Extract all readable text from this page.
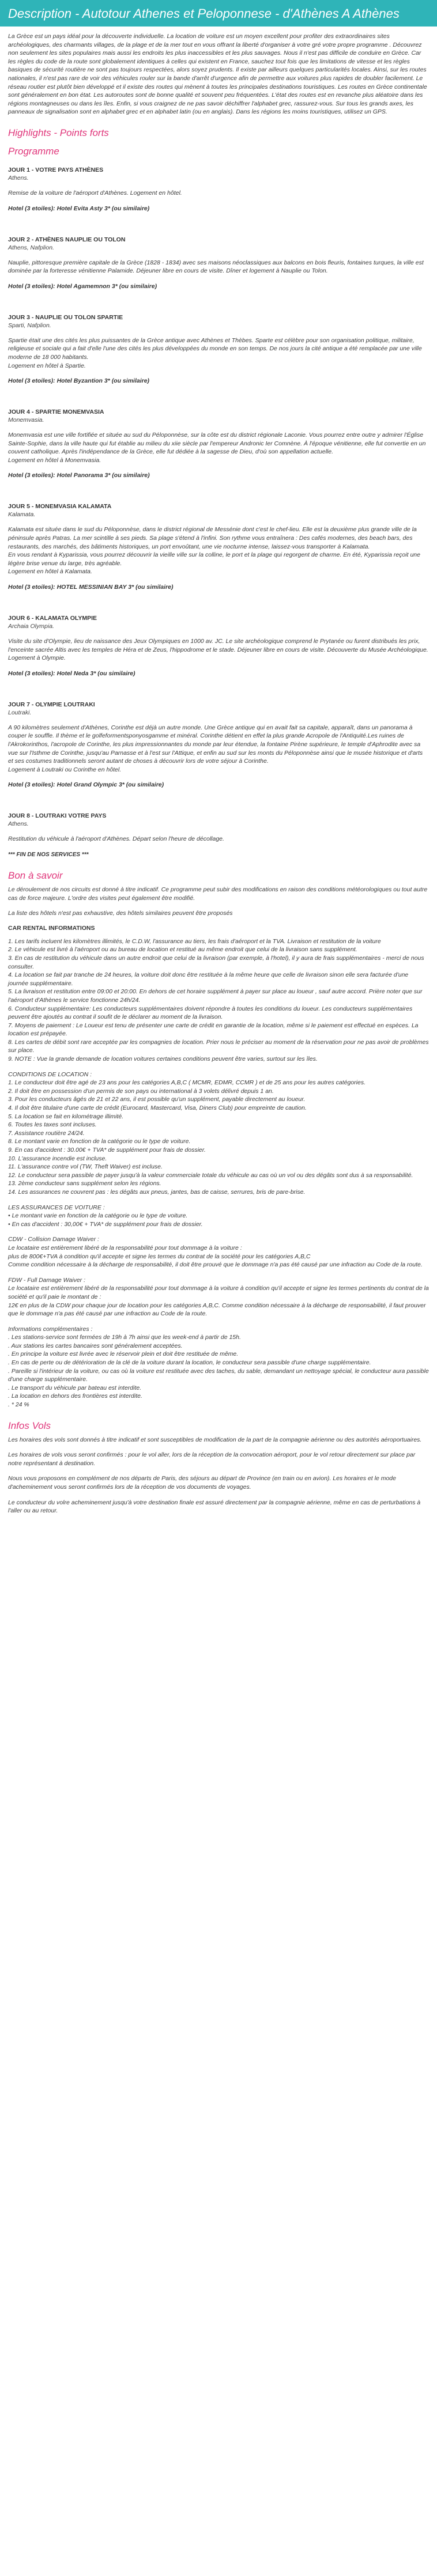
Description - Autotour Athenes et Peloponnese - d'Athènes A Athènes

La Grèce est un pays idéal pour la découverte individuelle. La location de voiture est un moyen excellent pour profiter des extraordinaires sites archéologiques, des charmants villages, de la plage et de la mer tout en vous offrant la liberté d'organiser à votre gré votre propre programme . Découvrez non seulement les sites populaires mais aussi les endroits les plus inaccessibles et les plus sauvages. Nous il n'est pas difficile de conduire en Grèce. Car les règles du code de la route sont globalement identiques à celles qui existent en France, sauchez tout fois que les limitations de vitesse et les règles basiques de sécurité routière ne sont pas toujours respectées, alors soyez prudents. Il existe par ailleurs quelques particularités locales. Ainsi, sur les routes nationales, il n'est pas rare de voir des véhicules rouler sur la bande d'arrêt d'urgence afin de permettre aux voitures plus rapides de doubler facilement. Le réseau routier est plutôt bien développé et il existe des routes qui mènent à toutes les principales destinations touristiques. Les routes en Grèce continentale sont généralement en bon état. Les autoroutes sont de bonne qualité et souvent peu fréquentées. L'état des routes est en revanche plus aléatoire dans les régions montagneuses ou dans les îles. Enfin, si vous craignez de ne pas savoir déchiffrer l'alphabet grec, rassurez-vous. Sur tous les grands axes, les panneaux de signalisation sont en alphabet grec et en alphabet latin (ou en anglais). Dans les régions les moins touristiques, utilisez un GPS.

Highlights - Points forts
Programme
JOUR 1 - VOTRE PAYS ATHÈNES
Athens.
Remise de la voiture de l'aéroport d'Athènes. Logement en hôtel.
Hotel (3 etoiles): Hotel Evita Asty 3* (ou similaire)
JOUR 2 - ATHÈNES NAUPLIE OU TOLON
Athens, Nafplion.
Nauplie, pittoresque première capitale de la Grèce (1828 - 1834) avec ses maisons néoclassiques aux balcons en bois fleuris, fontaines turques, la ville est dominée par la forteresse vénitienne Palamide. Déjeuner libre en cours de visite. Dîner et logement à Nauplie ou Tolon.
Hotel (3 etoiles): Hotel Agamemnon 3* (ou similaire)
JOUR 3 - NAUPLIE OU TOLON SPARTIE
Sparti, Nafplion.
Spartie était une des cités les plus puissantes de la Grèce antique avec Athènes et Thèbes. Sparte est célèbre pour son organisation politique, militaire, religieuse et sociale qui a fait d'elle l'une des cités les plus développées du monde en son temps. De nos jours la cité antique a été remplacée par une ville moderne de 18 000 habitants.
Logement en hôtel à Spartie.
Hotel (3 etoiles): Hotel Byzantion 3* (ou similaire)
JOUR 4 - SPARTIE MONEMVASIA
Monemvasia.
Monemvasia est une ville fortifiée et située au sud du Péloponnèse, sur la côte est du district régionale Laconie. Vous pourrez entre outre y admirer l'Église Sainte-Sophie, dans la ville haute qui fut établie au milieu du xiie siècle par l'empereur Andronic Ier Comnène. À l'époque vénitienne, elle fut convertie en un couvent catholique. Après l'indépendance de la Grèce, elle fut dédiée à la sagesse de Dieu, d'où son appellation actuelle.
Logement en hôtel à Monemvasia.
Hotel (3 etoiles): Hotel Panorama 3* (ou similaire)
JOUR 5 - MONEMVASIA KALAMATA
Kalamata.
Kalamata est située dans le sud du Péloponnèse, dans le district régional de Messénie dont c'est le chef-lieu. Elle est la deuxième plus grande ville de la péninsule après Patras. La mer scintille à ses pieds. Sa plage s'étend à l'infini. Son rythme vous entraînera : Des cafés modernes, des beach bars, des restaurants, des marchés, des bâtiments historiques, un port envoûtant, une vie nocturne intense, laissez-vous transporter à Kalamata.
En vous rendant à Kyparissia, vous pourrez découvrir la vieille ville sur la colline, le port et la plage qui regorgent de charme. En été, Kyparissia reçoit une légère brise venue du large, très agréable.
Logement en hôtel à Kalamata.
Hotel (3 etoiles): HOTEL MESSINIAN BAY 3* (ou similaire)
JOUR 6 - KALAMATA OLYMPIE
Archaia Olympia.
Visite du site d'Olympie, lieu de naissance des Jeux Olympiques en 1000 av. JC. Le site archéologique comprend le Prytanée ou furent distribués les prix, l'enceinte sacrée Altis avec les temples de Héra et de Zeus, l'hippodrome et le stade. Déjeuner libre en cours de visite. Découverte du Musée Archéologique.
Logement à Olympie.
Hotel (3 etoiles): Hotel Neda 3* (ou similaire)
JOUR 7 - OLYMPIE LOUTRAKI
Loutraki.
A 90 kilomètres seulement d'Athènes, Corinthe est déjà un autre monde. Une Grèce antique qui en avait fait sa capitale, apparaît, dans un panorama à couper le souffle. Il thème et le golfeformentsponyosgamme et minéral. Corinthe détient en effet la plus grande Acropole de l'Antiquité.Les ruines de l'Akrokorinthos, l'acropole de Corinthe, les plus impressionnantes du monde par leur étendue, la fontaine Pirène supérieure, le temple d'Aphrodite avec sa vue sur l'Isthme de Corinthe, jusqu'au Parnasse et à l'est sur l'Attique, et enfin au sud sur les monts du Péloponnèse ainsi que le musée historique et d'arts et ses costumes traditionnels seront autant de choses à découvrir lors de votre séjour à Corinthe.
Logement à Loutraki ou Corinthe en hôtel.
Hotel (3 etoiles): Hotel Grand Olympic 3* (ou similaire)
JOUR 8 - LOUTRAKI VOTRE PAYS
Athens.
Restitution du véhicule à l'aéroport d'Athènes. Départ selon l'heure de décollage.
*** FIN DE NOS SERVICES ***
Bon à savoir

Le déroulement de nos circuits est donné à titre indicatif. Ce programme peut subir des modifications en raison des conditions météorologiques ou tout autre cas de force majeure. L'ordre des visites peut également être modifié.

La liste des hôtels n'est pas exhaustive, des hôtels similaires peuvent être proposés

CAR RENTAL INFORMATIONS
1. Les tarifs incluent les kilomètres illimités, le C.D.W, l'assurance au tiers, les frais d'aéroport et la TVA. Livraison et restitution de la voiture
2. Le véhicule est livré à l'aéroport ou au bureau de location et restitué au même endroit que celui de la livraison sans supplément.
3. En cas de restitution du véhicule dans un autre endroit que celui de la livraison (par exemple, à l'hotel), il y aura de frais supplémentaires - merci de nous consulter.
4. La location se fait par tranche de 24 heures, la voiture doit donc être restituée à la même heure que celle de livraison sinon elle sera facturée d'une journée supplémentaire.
5. La livraison et restitution entre 09:00 et 20:00. En dehors de cet horaire supplément à payer sur place au loueur , sauf autre accord. Prière noter que sur l'aéroport d'Athènes le service fonctionne 24h/24.
6. Conducteur supplémentaire: Les conducteurs supplémentaires doivent répondre à toutes les conditions du loueur. Les conducteurs supplémentaires peuvent être ajoutés au contrat il soufit de le déclarer au moment de la livraison.
7. Moyens de paiement : Le Loueur est tenu de présenter une carte de crédit en garantie de la location, même si le paiement est effectué en espèces. La location est prépayée.
8. Les cartes de débit sont rare acceptée par les compagnies de location. Prier nous le préciser au moment de la réservation pour ne pas avoir de problèmes sur place.
9. NOTE : Vue la grande demande de location voitures certaines conditions peuvent être varies, surtout sur les îles.
CONDITIONS DE LOCATION :
1. Le conducteur doit être agé de 23 ans pour les catégories A,B,C ( MCMR, EDMR, CCMR ) et de 25 ans pour les autres catégories.
2. Il doit être en possession d'un permis de son pays ou international à 3 volets délivré depuis 1 an.
3. Pour les conducteurs âgés de 21 et 22 ans, il est possible qu'un supplément, payable directement au loueur.
4. Il doit être titulaire d'une carte de crédit (Eurocard, Mastercard, Visa, Diners Club) pour empreinte de caution.
5. La location se fait en kilométrage illimité.
6. Toutes les taxes sont incluses.
7. Assistance routière 24/24.
8. Le montant varie en fonction de la catégorie ou le type de voiture.
9. En cas d'accident : 30.00€ + TVA* de supplément pour frais de dossier.
10. L'assurance incendie est incluse.
11. L'assurance contre vol (TW, Theft Waiver) est incluse.
12. Le conducteur sera passible de payer jusqu'à la valeur commerciale totale du véhicule au cas où un vol ou des dégâts sont dus à sa responsabilité.
13. 2ème conducteur sans supplément selon les régions.
14. Les assurances ne couvrent pas : les dégâts aux pneus, jantes, bas de caisse, serrures, bris de pare-brise.
LES ASSURANCES DE VOITURE :
• Le montant varie en fonction de la catégorie ou le type de voiture.
• En cas d'accident : 30,00€ + TVA* de supplément pour frais de dossier.
CDW - Collision Damage Waiver :
Le locataire est entièrement libéré de la responsabilité pour tout dommage à la voiture :
plus de 800€+TVA à condition qu'il accepte et signe les termes du contrat de la société pour les catégories A,B,C
Comme condition nécessaire à la décharge de responsabilité, il doit être prouvé que le dommage n'a pas été causé par une infraction au Code de la route.
FDW - Full Damage Waiver :
Le locataire est entièrement libéré de la responsabilité pour tout dommage à la voiture à condition qu'il accepte et signe les termes pertinents du contrat de la société et qu'il paie le montant de :
12€ en plus de la CDW pour chaque jour de location pour les catégories A,B,C. Comme condition nécessaire à la décharge de responsabilité, il faut prouver que le dommage n'a pas été causé par une infraction au Code de la route.
Informations complémentaires :
. Les stations-service sont fermées de 19h à 7h ainsi que les week-end à partir de 15h.
. Aux stations les cartes bancaires sont généralement acceptées.
. En principe la voiture est livrée avec le réservoir plein et doit être restituée de même.
. En cas de perte ou de détérioration de la clé de la voiture durant la location, le conducteur sera passible d'une charge supplémentaire.
. Pareille si l'intérieur de la voiture, ou cas où la voiture est restituée avec des taches, du sable, demandant un nettoyage spécial, le conducteur aura passible d'une charge supplémentaire.
. Le transport du véhicule par bateau est interdite.
. La location en dehors des frontières est interdite.
. * 24 %
Infos Vols

Les horaires des vols sont donnés à titre indicatif et sont susceptibles de modification de la part de la compagnie aérienne ou des autorités aéroportuaires.

Les horaires de vols vous seront confirmés : pour le vol aller, lors de la réception de la convocation aéroport, pour le vol retour directement sur place par notre représentant à destination.

Nous vous proposons en complément de nos départs de Paris, des séjours au départ de Province (en train ou en avion). Les horaires et le mode d'acheminement vous seront confirmés lors de la réception de vos documents de voyages.

Le conducteur du volre acheminement jusqu'à votre destination finale est assuré directement par la compagnie aérienne, même en cas de perturbations à l'aller ou au retour.
